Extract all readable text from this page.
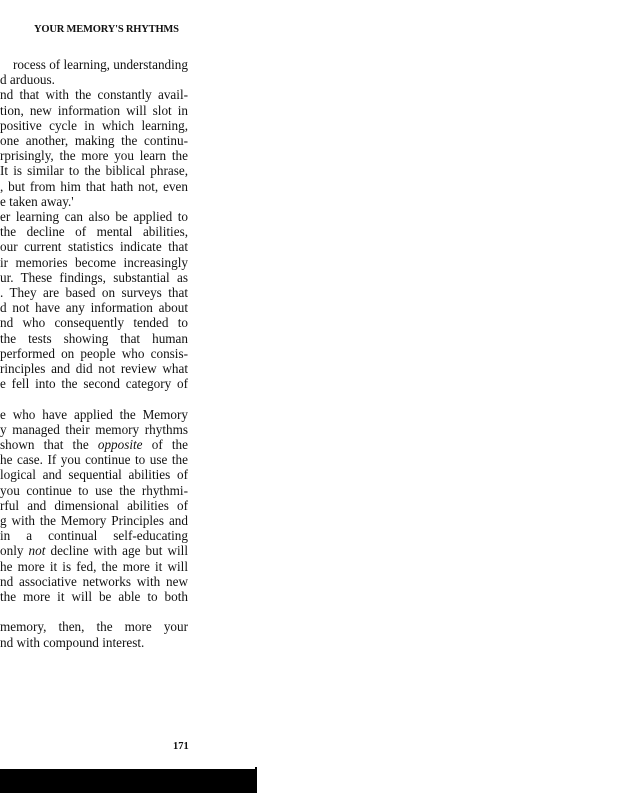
YOUR MEMORY'S RHYTHMS
rocess of learning, understanding
d arduous.
nd that with the constantly avail-
tion, new information will slot in
positive cycle in which learning,
one another, making the continu-
rprisingly, the more you learn the
It is similar to the biblical phrase,
, but from him that hath not, even
e taken away.'
er learning can also be applied to
the decline of mental abilities,
our current statistics indicate that
ir memories become increasingly
ur. These findings, substantial as
. They are based on surveys that
d not have any information about
nd who consequently tended to
the tests showing that human
performed on people who consis-
rinciples and did not review what
e fell into the second category of
e who have applied the Memory
y managed their memory rhythms
shown that the opposite of the
he case. If you continue to use the
logical and sequential abilities of
you continue to use the rhythmi-
rful and dimensional abilities of
g with the Memory Principles and
in a continual self-educating
only not decline with age but will
he more it is fed, the more it will
nd associative networks with new
the more it will be able to both
memory, then, the more your
nd with compound interest.
171
